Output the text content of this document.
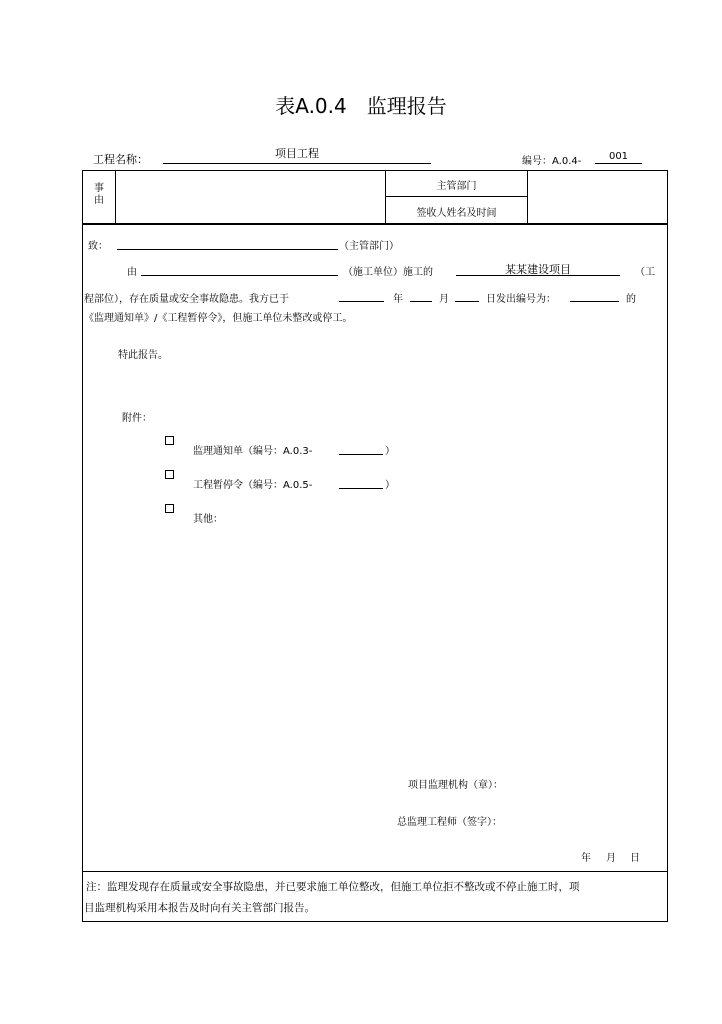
表A.0.4　监理报告
工程名称：	项目工程
编号：A.0.4-	001
事
由
主管部门
签收人姓名及时间
致：	（主管部门）
由	（施工单位）施工的	某某建设项目	（工
程部位），存在质量或安全事故隐患。我方已于	年	月	日发出编号为：	的
《监理通知单》/《工程暂停令》，但施工单位未整改或停工。
特此报告。
附件：
监理通知单（编号：A.0.3-	）
工程暂停令（编号：A.0.5-	）
其他：
项目监理机构（章）：
总监理工程师（签字）：
年 月 日
注：监理发现存在质量或安全事故隐患，并已要求施工单位整改，但施工单位拒不整改或不停止施工时，项
目监理机构采用本报告及时向有关主管部门报告。
